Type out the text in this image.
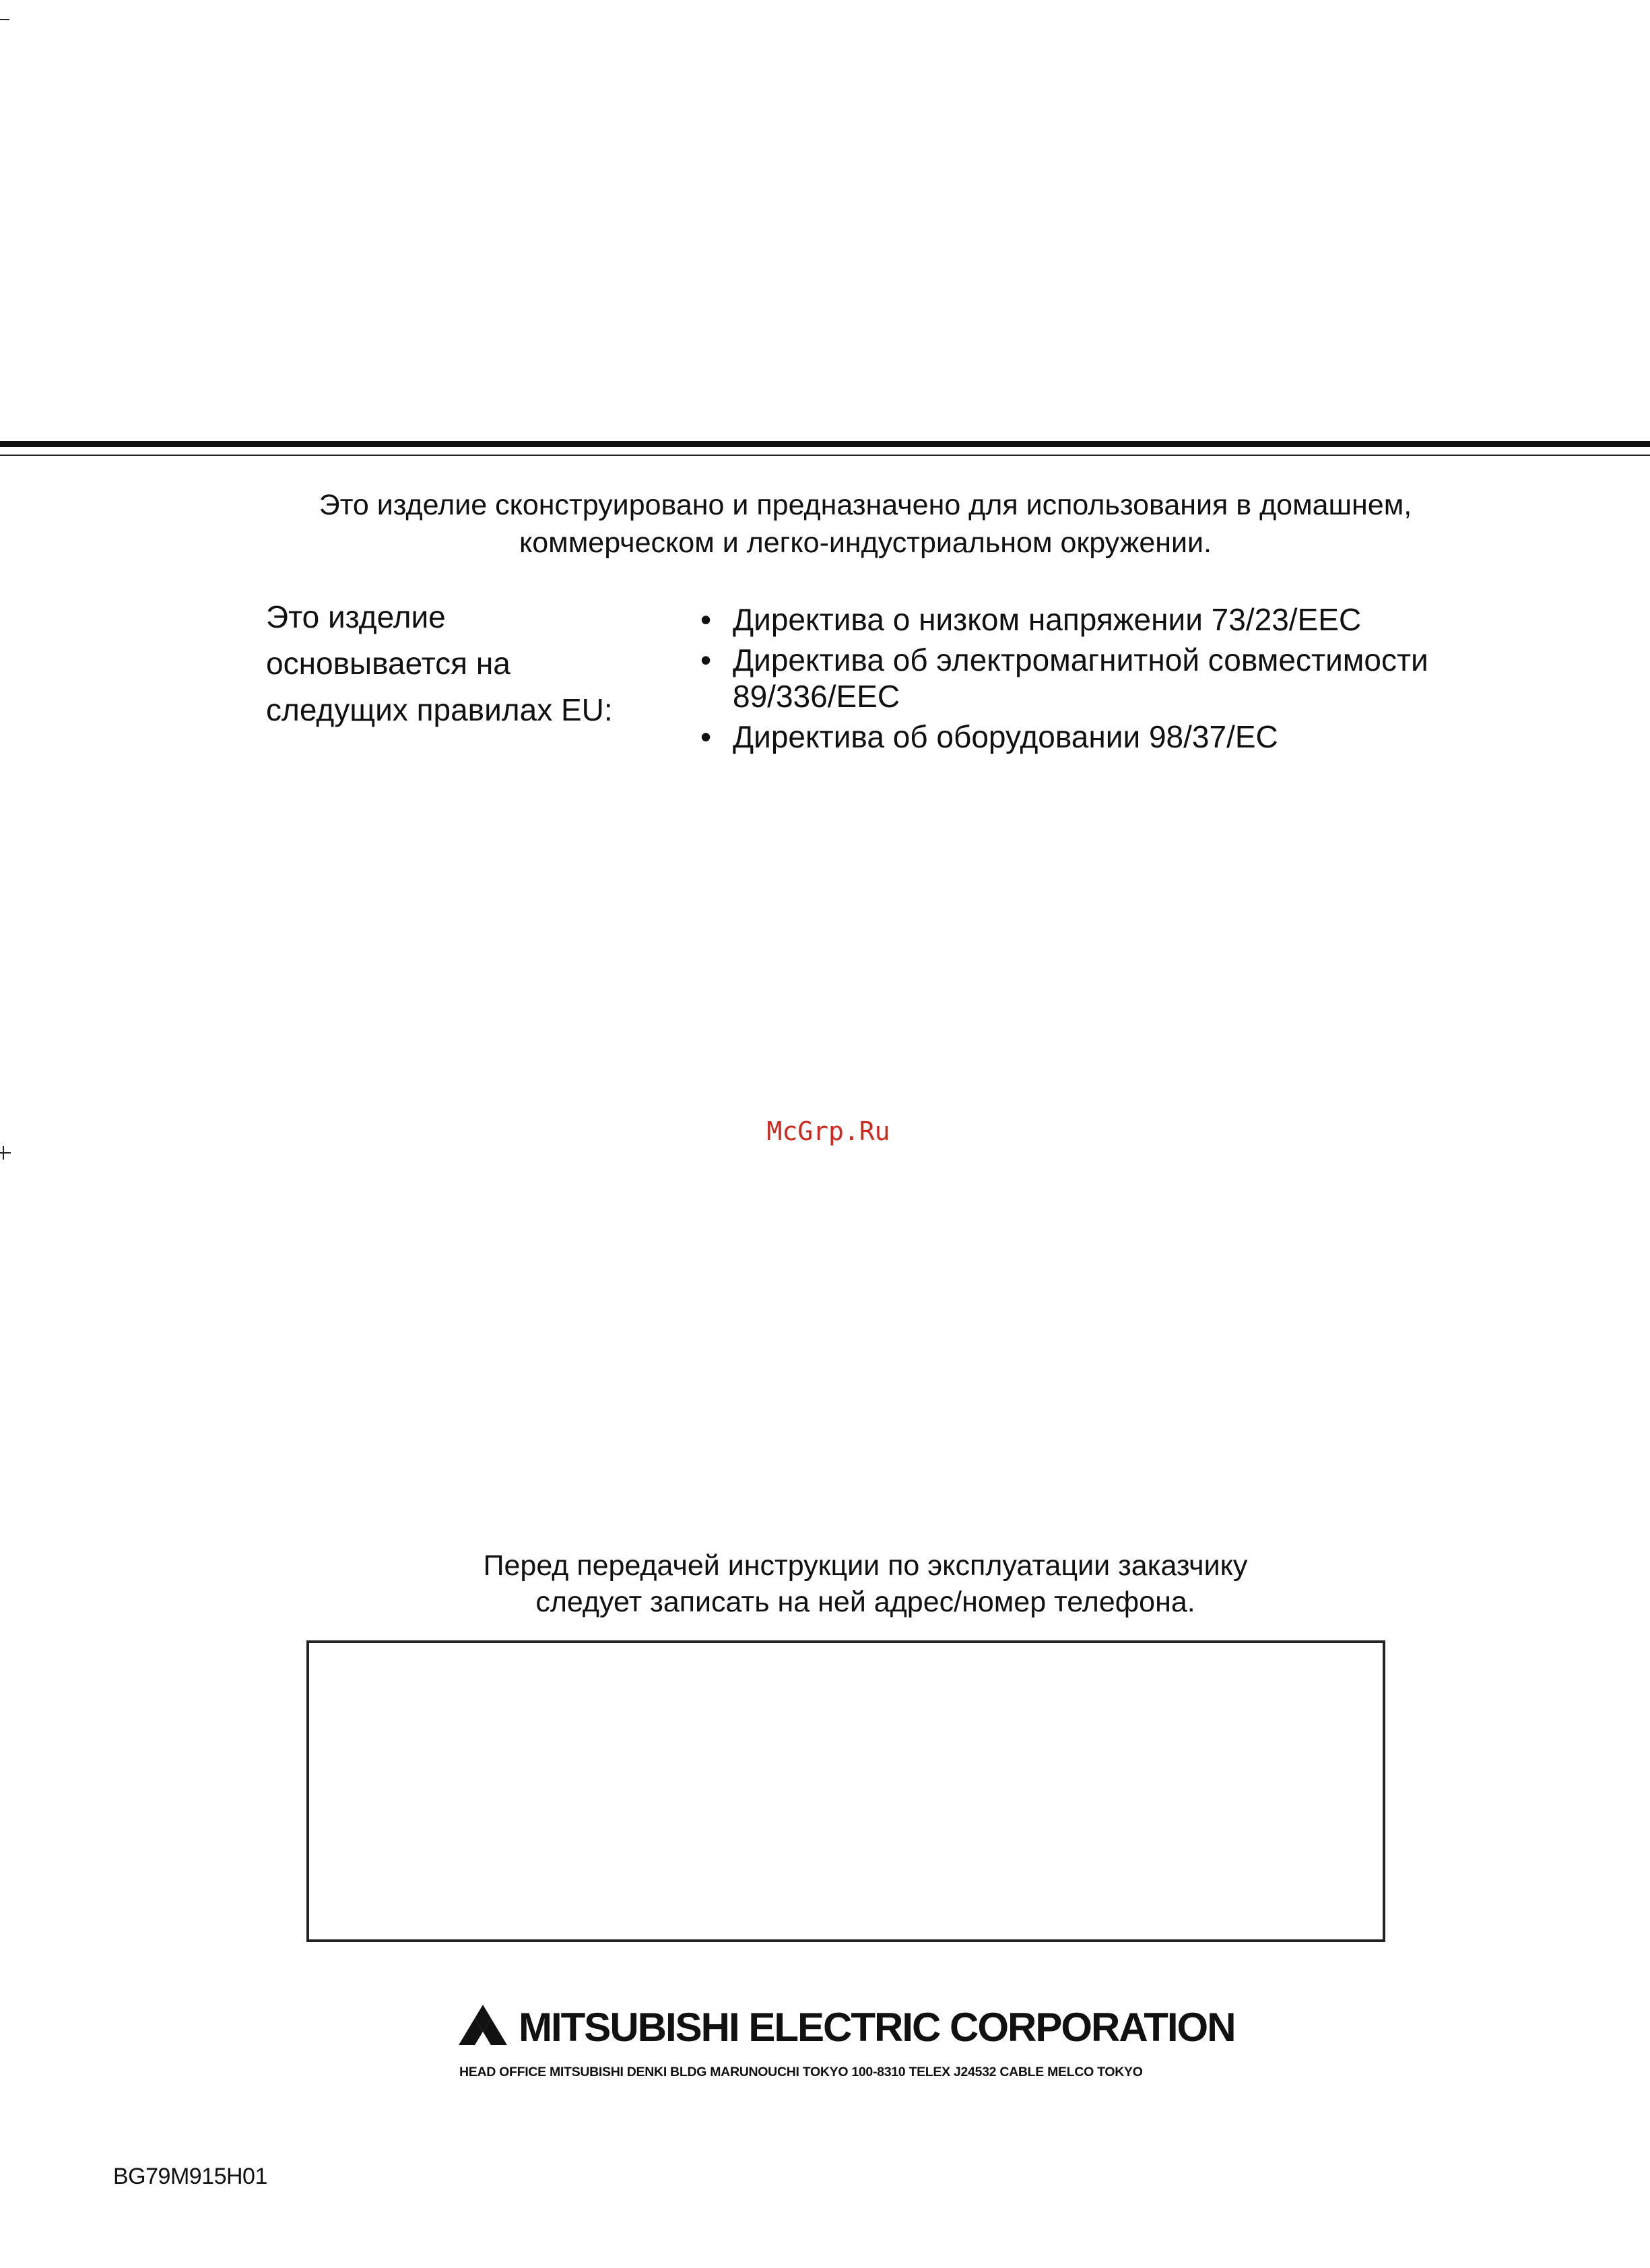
Это изделие сконструировано и предназначено для использования в домашнем,
коммерческом и легко-индустриальном окружении.
Это изделие
основывается на
следущих правилах EU:
• Директива о низком напряжении 73/23/EEC
• Директива об электромагнитной совместимости
89/336/EEC
• Директива об оборудовании 98/37/EC
McGrp.Ru
Перед передачей инструкции по эксплуатации заказчику
следует записать на ней адрес/номер телефона.
MITSUBISHI ELECTRIC CORPORATION
HEAD OFFICE MITSUBISHI DENKI BLDG MARUNOUCHI TOKYO 100-8310 TELEX J24532 CABLE MELCO TOKYO
BG79M915H01
